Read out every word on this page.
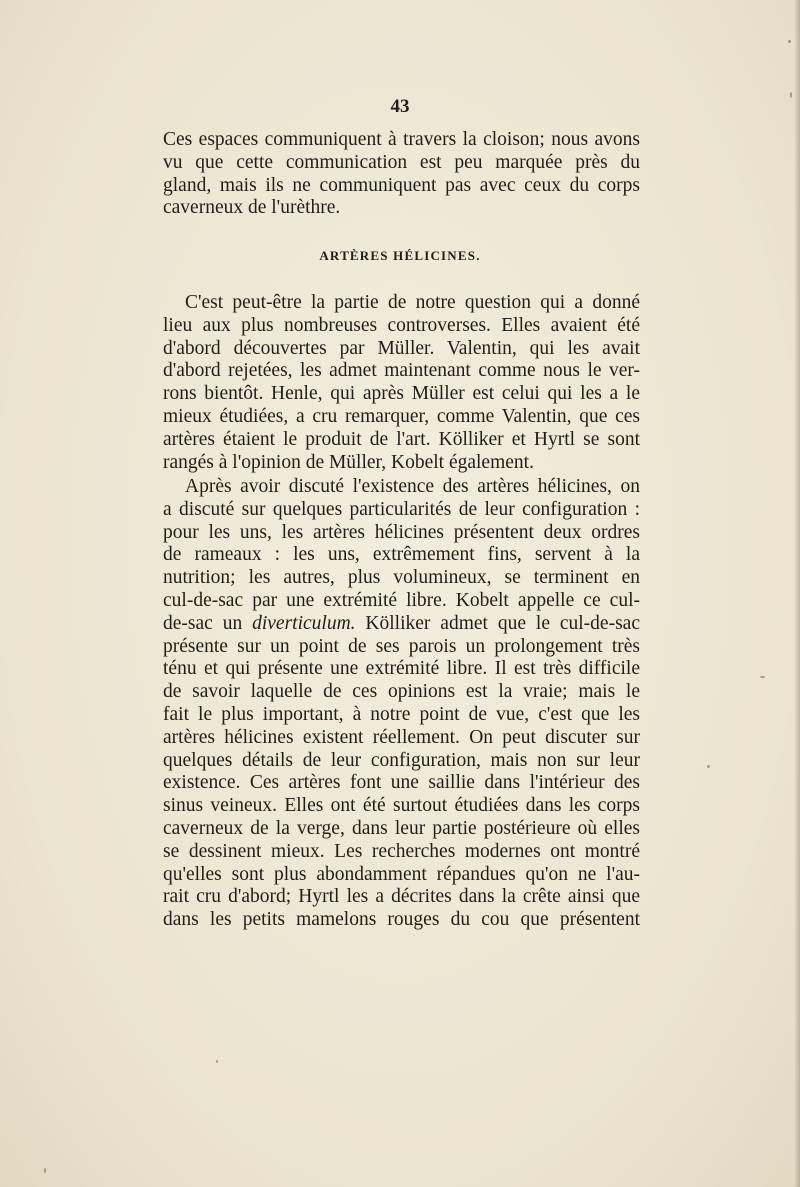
43
Ces espaces communiquent à travers la cloison; nous avons
vu que cette communication est peu marquée près du
gland, mais ils ne communiquent pas avec ceux du corps
caverneux de l'urèthre.
ARTÈRES HÉLICINES.
C'est peut-être la partie de notre question qui a donné
lieu aux plus nombreuses controverses. Elles avaient été
d'abord découvertes par Müller. Valentin, qui les avait
d'abord rejetées, les admet maintenant comme nous le ver-
rons bientôt. Henle, qui après Müller est celui qui les a le
mieux étudiées, a cru remarquer, comme Valentin, que ces
artères étaient le produit de l'art. Kölliker et Hyrtl se sont
rangés à l'opinion de Müller, Kobelt également.
Après avoir discuté l'existence des artères hélicines, on
a discuté sur quelques particularités de leur configuration :
pour les uns, les artères hélicines présentent deux ordres
de rameaux : les uns, extrêmement fins, servent à la
nutrition; les autres, plus volumineux, se terminent en
cul-de-sac par une extrémité libre. Kobelt appelle ce cul-
de-sac un diverticulum. Kölliker admet que le cul-de-sac
présente sur un point de ses parois un prolongement très
ténu et qui présente une extrémité libre. Il est très difficile
de savoir laquelle de ces opinions est la vraie; mais le
fait le plus important, à notre point de vue, c'est que les
artères hélicines existent réellement. On peut discuter sur
quelques détails de leur configuration, mais non sur leur
existence. Ces artères font une saillie dans l'intérieur des
sinus veineux. Elles ont été surtout étudiées dans les corps
caverneux de la verge, dans leur partie postérieure où elles
se dessinent mieux. Les recherches modernes ont montré
qu'elles sont plus abondamment répandues qu'on ne l'au-
rait cru d'abord; Hyrtl les a décrites dans la crête ainsi que
dans les petits mamelons rouges du cou que présentent
